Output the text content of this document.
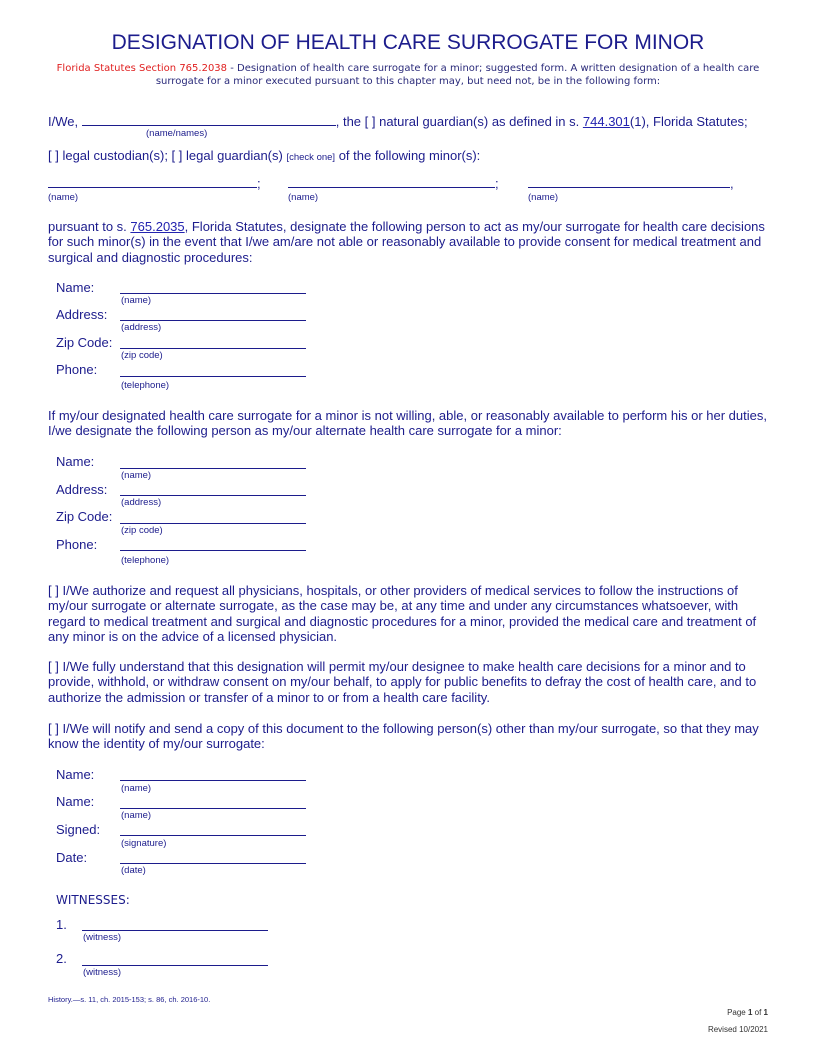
DESIGNATION OF HEALTH CARE SURROGATE FOR MINOR
Florida Statutes Section 765.2038 - Designation of health care surrogate for a minor; suggested form. A written designation of a health care surrogate for a minor executed pursuant to this chapter may, but need not, be in the following form:
I/We,	, the [ ] natural guardian(s) as defined in s. 744.301(1), Florida Statutes;
(name/names)
[ ] legal custodian(s); [ ] legal guardian(s) [check one] of the following minor(s):
;	;	,
(name)	(name)	(name)
pursuant to s. 765.2035, Florida Statutes, designate the following person to act as my/our surrogate for health care decisions for such minor(s) in the event that I/we am/are not able or reasonably available to provide consent for medical treatment and surgical and diagnostic procedures:
Name:
(name)
Address:
(address)
Zip Code:
(zip code)
Phone:
(telephone)
If my/our designated health care surrogate for a minor is not willing, able, or reasonably available to perform his or her duties, I/we designate the following person as my/our alternate health care surrogate for a minor:
Name:
(name)
Address:
(address)
Zip Code:
(zip code)
Phone:
(telephone)
[ ] I/We authorize and request all physicians, hospitals, or other providers of medical services to follow the instructions of my/our surrogate or alternate surrogate, as the case may be, at any time and under any circumstances whatsoever, with regard to medical treatment and surgical and diagnostic procedures for a minor, provided the medical care and treatment of any minor is on the advice of a licensed physician.
[ ] I/We fully understand that this designation will permit my/our designee to make health care decisions for a minor and to provide, withhold, or withdraw consent on my/our behalf, to apply for public benefits to defray the cost of health care, and to authorize the admission or transfer of a minor to or from a health care facility.
[ ] I/We will notify and send a copy of this document to the following person(s) other than my/our surrogate, so that they may know the identity of my/our surrogate:
Name:
(name)
Name:
(name)
Signed:
(signature)
Date:
(date)
WITNESSES:
1.
(witness)
2.
(witness)
History.—s. 11, ch. 2015-153; s. 86, ch. 2016-10.
Page 1 of 1
Revised 10/2021
